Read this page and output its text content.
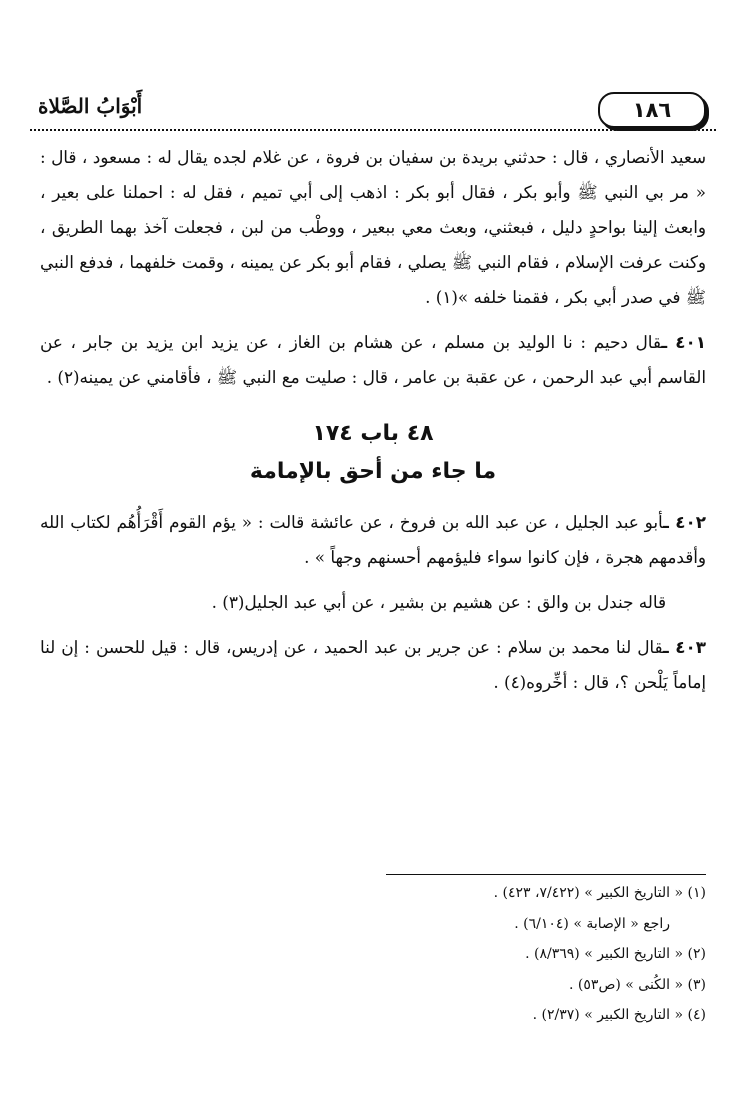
١٨٦
أَبْوَابُ الصَّلاة

سعيد الأنصاري ، قال : حدثني بريدة بن سفيان بن فروة ، عن غلام لجده يقال له : مسعود ، قال : « مر بي النبي ﷺ وأبو بكر ، فقال أبو بكر : اذهب إلى أبي تميم ، فقل له : احملنا على بعير ، وابعث إلينا بواحدٍ دليل ، فبعثني، وبعث معي ببعير ، ووطْب من لبن ، فجعلت آخذ بهما الطريق ، وكنت عرفت الإسلام ، فقام النبي ﷺ يصلي ، فقام أبو بكر عن يمينه ، وقمت خلفهما ، فدفع النبي ﷺ في صدر أبي بكر ، فقمنا خلفه »(١) .

٤٠١ ـقال دحيم : نا الوليد بن مسلم ، عن هشام بن الغاز ، عن يزيد ابن يزيد بن جابر ، عن القاسم أبي عبد الرحمن ، عن عقبة بن عامر ، قال : صليت مع النبي ﷺ ، فأقامني عن يمينه(٢) .

٤٨ باب ١٧٤
ما جاء من أحق بالإمامة

٤٠٢ ـأبو عبد الجليل ، عن عبد الله بن فروخ ، عن عائشة قالت : « يؤم القوم أَقْرَأُهُم لكتاب الله وأقدمهم هجرة ، فإن كانوا سواء فليؤمهم أحسنهم وجهاً » .

قاله جندل بن والق : عن هشيم بن بشير ، عن أبي عبد الجليل(٣) .

٤٠٣ ـقال لنا محمد بن سلام : عن جرير بن عبد الحميد ، عن إدريس، قال : قيل للحسن : إن لنا إماماً يَلْحن ؟، قال : أخِّروه(٤) .

(١) « التاريخ الكبير » (٧/٤٢٢، ٤٢٣) .

راجع « الإصابة » (٦/١٠٤) .

(٢) « التاريخ الكبير » (٨/٣٦٩) .

(٣) « الكُنى » (ص٥٣) .

(٤) « التاريخ الكبير » (٢/٣٧) .
